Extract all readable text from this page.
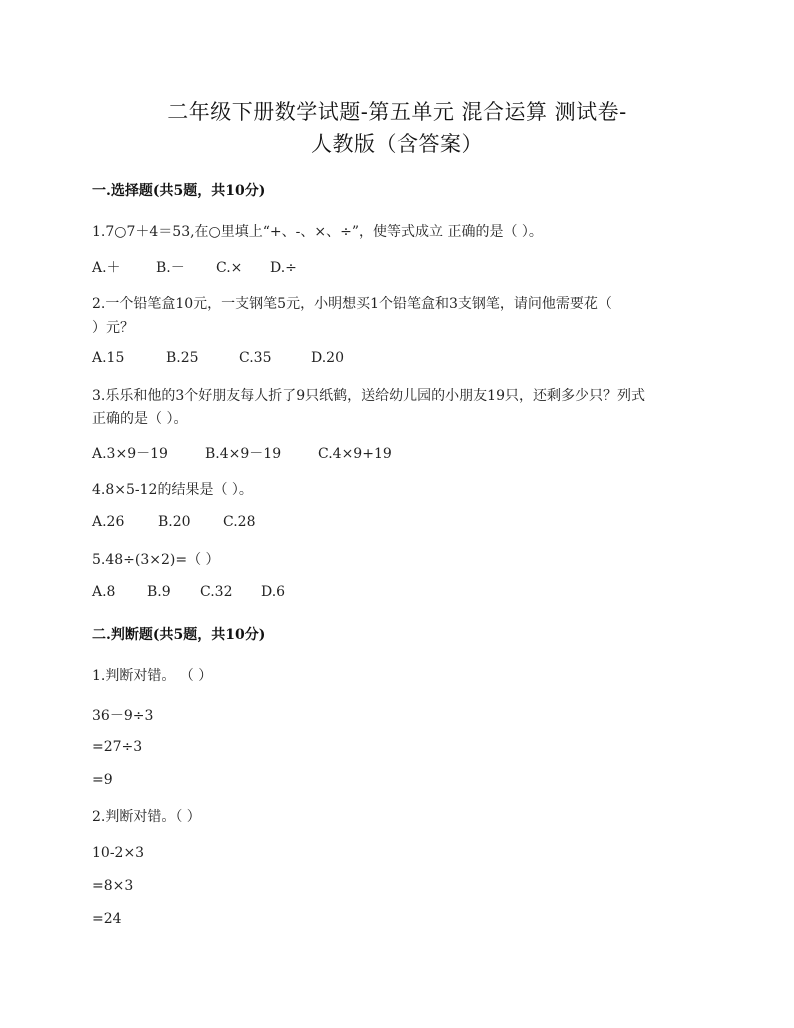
二年级下册数学试题-第五单元 混合运算 测试卷-
人教版（含答案）
一.选择题(共5题，共10分)
1.7○7＋4＝53,在○里填上“+、-、×、÷”，使等式成立 正确的是（ ）。
A.＋	B.－ C.× D.÷
2.一个铅笔盒10元，一支钢笔5元，小明想买1个铅笔盒和3支钢笔，请问他需要花（
）元？
A.15	B.25	C.35	D.20
3.乐乐和他的3个好朋友每人折了9只纸鹤，送给幼儿园的小朋友19只，还剩多少只？列式
正确的是（ ）。
A.3×9－19	B.4×9－19	C.4×9+19
4.8×5-12的结果是（ ）。
A.26 B.20 C.28
5.48÷(3×2)=（ ）
A.8 B.9 C.32 D.6
二.判断题(共5题，共10分)
1.判断对错。 （ ）
36－9÷3
=27÷3
=9
2.判断对错。（ ）
10-2×3
=8×3
=24
